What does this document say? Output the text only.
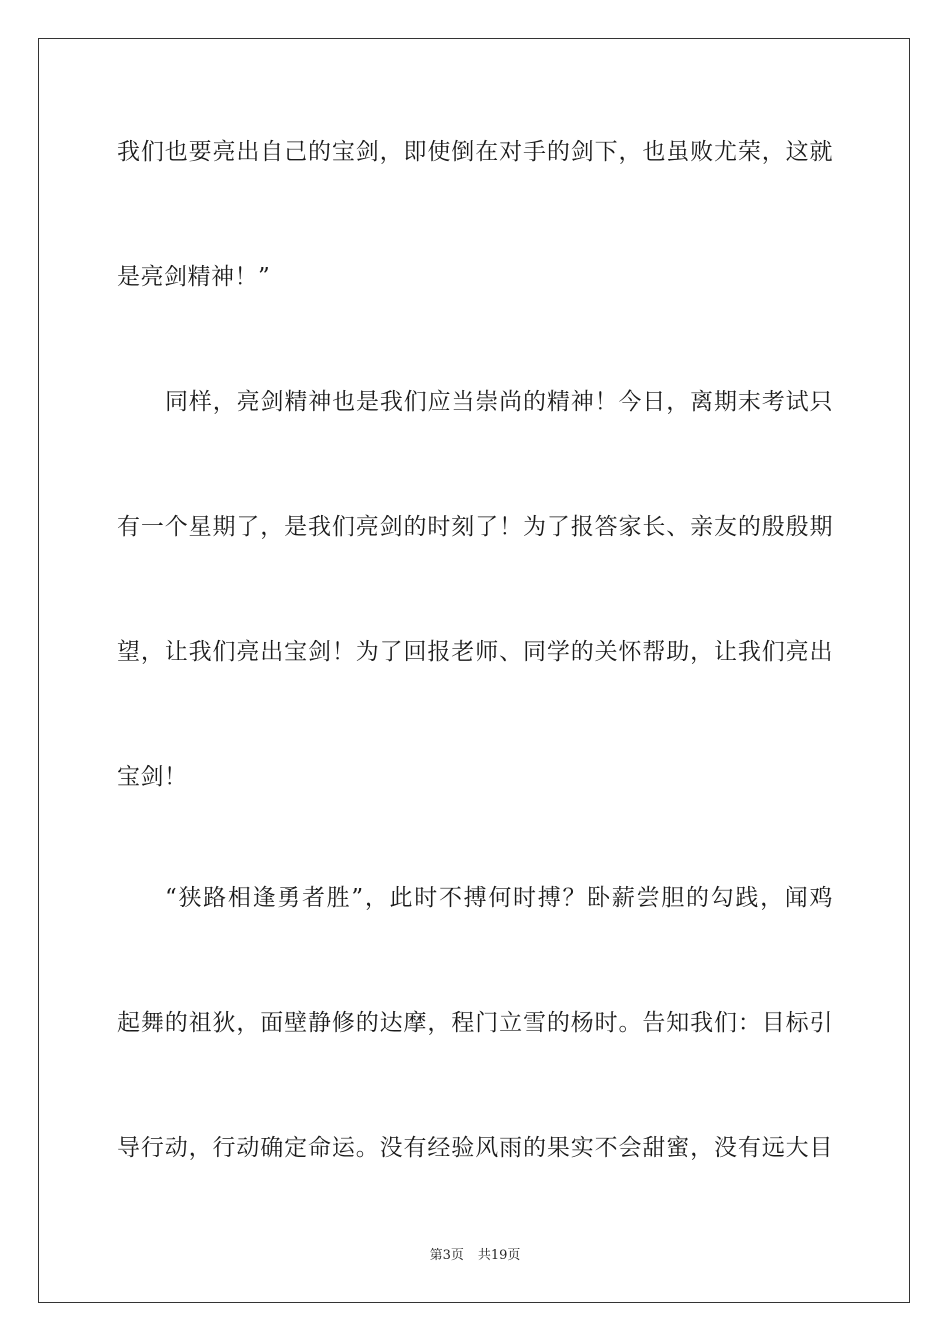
我们也要亮出自己的宝剑，即使倒在对手的剑下，也虽败尤荣，这就
是亮剑精神！”
同样，亮剑精神也是我们应当崇尚的精神！今日，离期末考试只
有一个星期了，是我们亮剑的时刻了！为了报答家长、亲友的殷殷期
望，让我们亮出宝剑！为了回报老师、同学的关怀帮助，让我们亮出
宝剑！
“狭路相逢勇者胜”，此时不搏何时搏？卧薪尝胆的勾践，闻鸡
起舞的祖狄，面壁静修的达摩，程门立雪的杨时。告知我们：目标引
导行动，行动确定命运。没有经验风雨的果实不会甜蜜，没有远大目
第3页 共19页
